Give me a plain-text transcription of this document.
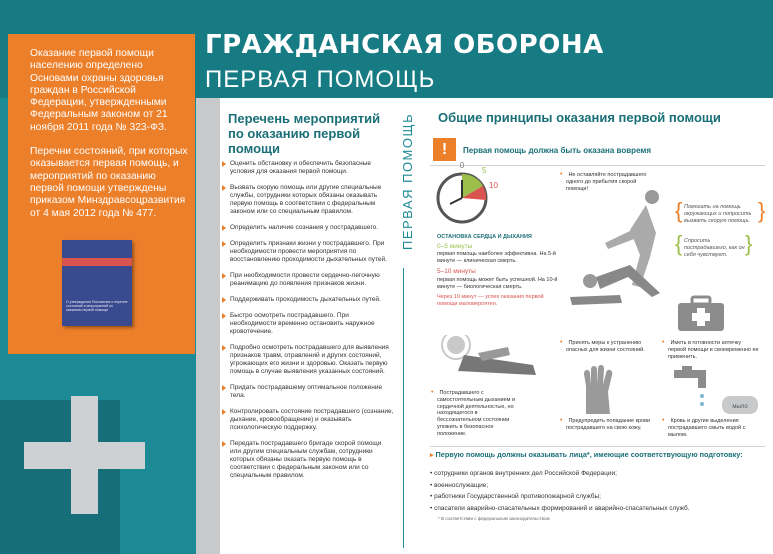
ГРАЖДАНСКАЯ ОБОРОНА
ПЕРВАЯ ПОМОЩЬ

Оказание первой помощи населению определено Основами охраны здоровья граждан в Российской Федерации, утвержденными Федеральным законом от 21 ноября 2011 года № 323-ФЗ.

Перечни состояний, при которых оказывается первая помощь, и мероприятий по оказанию первой помощи утверждены приказом Минздравсоцразвития от 4 мая 2012 года № 477.

О утверждении Положения о перечне состояний и мероприятий по оказанию первой помощи
Перечень мероприятий по оказанию первой помощи
Оценить обстановку и обеспечить безопасные условия для оказания первой помощи.
Вызвать скорую помощь или другие специальные службы, сотрудники которых обязаны оказывать первую помощь в соответствии с федеральным законом или со специальным правилом.
Определить наличие сознания у пострадавшего.
Определить признаки жизни у пострадавшего. При необходимости провести мероприятия по восстановлению проходимости дыхательных путей.
При необходимости провести сердечно-легочную реанимацию до появления признаков жизни.
Поддерживать проходимость дыхательных путей.
Быстро осмотреть пострадавшего. При необходимости временно остановить наружное кровотечение.
Подробно осмотреть пострадавшего для выявления признаков травм, отравлений и других состояний, угрожающих его жизни и здоровью. Оказать первую помощь в случае выявления указанных состояний.
Придать пострадавшему оптимальное положение тела.
Контролировать состояние пострадавшего (сознание, дыхание, кровообращение) и оказывать психологическую поддержку.
Передать пострадавшего бригаде скорой помощи или другим специальным службам, сотрудники которых обязаны оказать первую помощь в соответствии с федеральным законом или со специальным правилом.
ПЕРВАЯ ПОМОЩЬ Общие принципы оказания первой помощи
!	Первая помощь должна быть оказана вовремя
0
5
10
ОСТАНОВКА СЕРДЦА И ДЫХАНИЯ
0–5 минуты
первая помощь наиболее эффективна. На 5-й минуте — клиническая смерть.
5–10 минуты
первая помощь может быть успешной. На 10-й минуте — биологическая смерть.
Через 10 минут — успех оказания первой помощи маловероятен.
• Не оставляйте пострадавшего одного до прибытия скорой помощи!
{ Помогать на помощь окружающих и попросить вызвать скорую помощь. }
{ Спросить пострадавшего, как он себя чувствует. }
• Принять меры к устранению опасных для жизни состояний.
• Иметь в готовности аптечку первой помощи и своевременно ее применить.
мыло
• Пострадавшего с самостоятельным дыханием и сердечной деятельностью, но находящегося в бессознательном состоянии уложить в безопасное положение.
• Предупредить попадание крови пострадавшего на свою кожу.
• Кровь и другие выделения пострадавшего смыть водой с мылом.
▸ Первую помощь должны оказывать лица*, имеющие соответствующую подготовку:
• сотрудники органов внутренних дел Российской Федерации;
• военнослужащие;
• работники Государственной противопожарной службы;
• спасатели аварийно-спасательных формирований и аварийно-спасательных служб.
* В соответствии с федеральным законодательством
